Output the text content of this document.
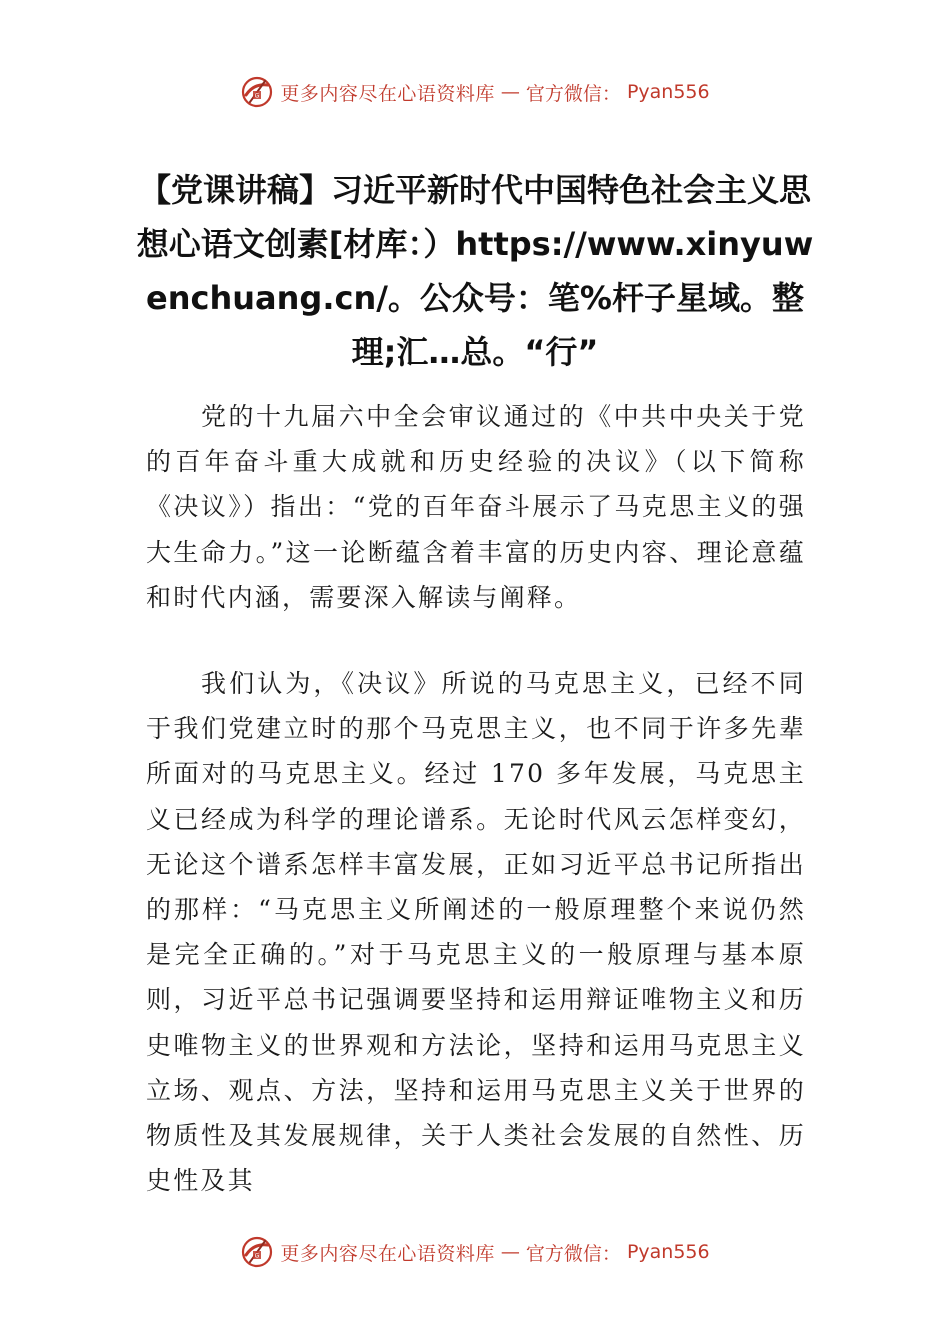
G 更多内容尽在心语资料库 — 官方微信： Pyan556
【党课讲稿】习近平新时代中国特色社会主义思想心语文创素[材库：）https://www.xinyuwenchuang.cn/。公众号：笔%杆子星域。整理;汇…总。“行”

党的十九届六中全会审议通过的《中共中央关于党的百年奋斗重大成就和历史经验的决议》（以下简称《决议》）指出：“党的百年奋斗展示了马克思主义的强大生命力。”这一论断蕴含着丰富的历史内容、理论意蕴和时代内涵，需要深入解读与阐释。

我们认为，《决议》所说的马克思主义，已经不同于我们党建立时的那个马克思主义，也不同于许多先辈所面对的马克思主义。经过 170 多年发展，马克思主义已经成为科学的理论谱系。无论时代风云怎样变幻，无论这个谱系怎样丰富发展，正如习近平总书记所指出的那样：“马克思主义所阐述的一般原理整个来说仍然是完全正确的。”对于马克思主义的一般原理与基本原则，习近平总书记强调要坚持和运用辩证唯物主义和历史唯物主义的世界观和方法论，坚持和运用马克思主义立场、观点、方法，坚持和运用马克思主义关于世界的物质性及其发展规律，关于人类社会发展的自然性、历史性及其

G 更多内容尽在心语资料库 — 官方微信： Pyan556
